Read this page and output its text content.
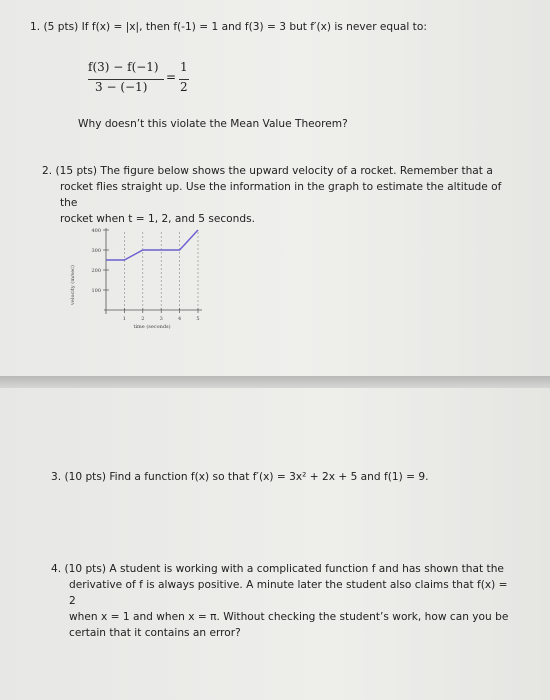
1. (5 pts) If f(x) = |x|, then f(-1) = 1 and f(3) = 3 but f′(x) is never equal to:
f(3) − f(−1)
3 − (−1)
=
1
2
Why doesn’t this violate the Mean Value Theorem?
2. (15 pts) The figure below shows the upward velocity of a rocket. Remember that a
rocket flies straight up. Use the information in the graph to estimate the altitude of the
rocket when t = 1, 2, and 5 seconds.
velocity (m/sec)
time (seconds)
400
300
200
100
1	2	3	4	5
3. (10 pts) Find a function f(x) so that f′(x) = 3x² + 2x + 5 and f(1) = 9.
4. (10 pts) A student is working with a complicated function f and has shown that the
derivative of f is always positive. A minute later the student also claims that f(x) = 2
when x = 1 and when x = π. Without checking the student’s work, how can you be
certain that it contains an error?
